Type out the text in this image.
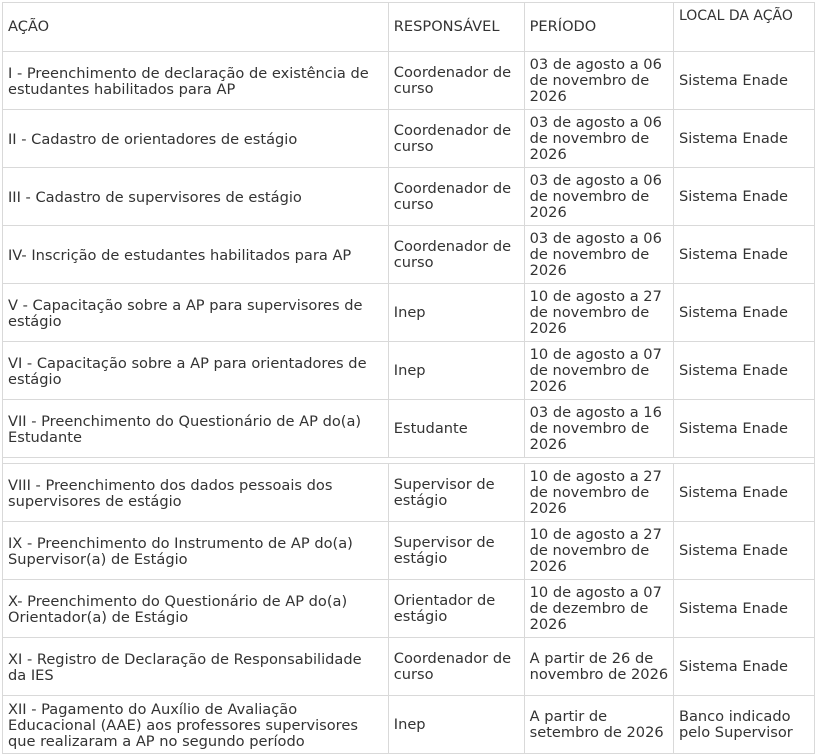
AÇÃO	RESPONSÁVEL	PERÍODO	LOCAL DA AÇÃO
I - Preenchimento de declaração de existência de estudantes habilitados para AP	Coordenador de curso	03 de agosto a 06 de novembro de 2026	Sistema Enade
II - Cadastro de orientadores de estágio	Coordenador de curso	03 de agosto a 06 de novembro de 2026	Sistema Enade
III - Cadastro de supervisores de estágio	Coordenador de curso	03 de agosto a 06 de novembro de 2026	Sistema Enade
IV- Inscrição de estudantes habilitados para AP	Coordenador de curso	03 de agosto a 06 de novembro de 2026	Sistema Enade
V - Capacitação sobre a AP para supervisores de estágio	Inep	10 de agosto a 27 de novembro de 2026	Sistema Enade
VI - Capacitação sobre a AP para orientadores de estágio	Inep	10 de agosto a 07 de novembro de 2026	Sistema Enade
VII - Preenchimento do Questionário de AP do(a) Estudante	Estudante	03 de agosto a 16 de novembro de 2026	Sistema Enade

VIII - Preenchimento dos dados pessoais dos supervisores de estágio	Supervisor de estágio	10 de agosto a 27 de novembro de 2026	Sistema Enade
IX - Preenchimento do Instrumento de AP do(a) Supervisor(a) de Estágio	Supervisor de estágio	10 de agosto a 27 de novembro de 2026	Sistema Enade
X- Preenchimento do Questionário de AP do(a) Orientador(a) de Estágio	Orientador de estágio	10 de agosto a 07 de dezembro de 2026	Sistema Enade
XI - Registro de Declaração de Responsabilidade da IES	Coordenador de curso	A partir de 26 de novembro de 2026	Sistema Enade
XII - Pagamento do Auxílio de Avaliação Educacional (AAE) aos professores supervisores que realizaram a AP no segundo período	Inep	A partir de setembro de 2026	Banco indicado pelo Supervisor
